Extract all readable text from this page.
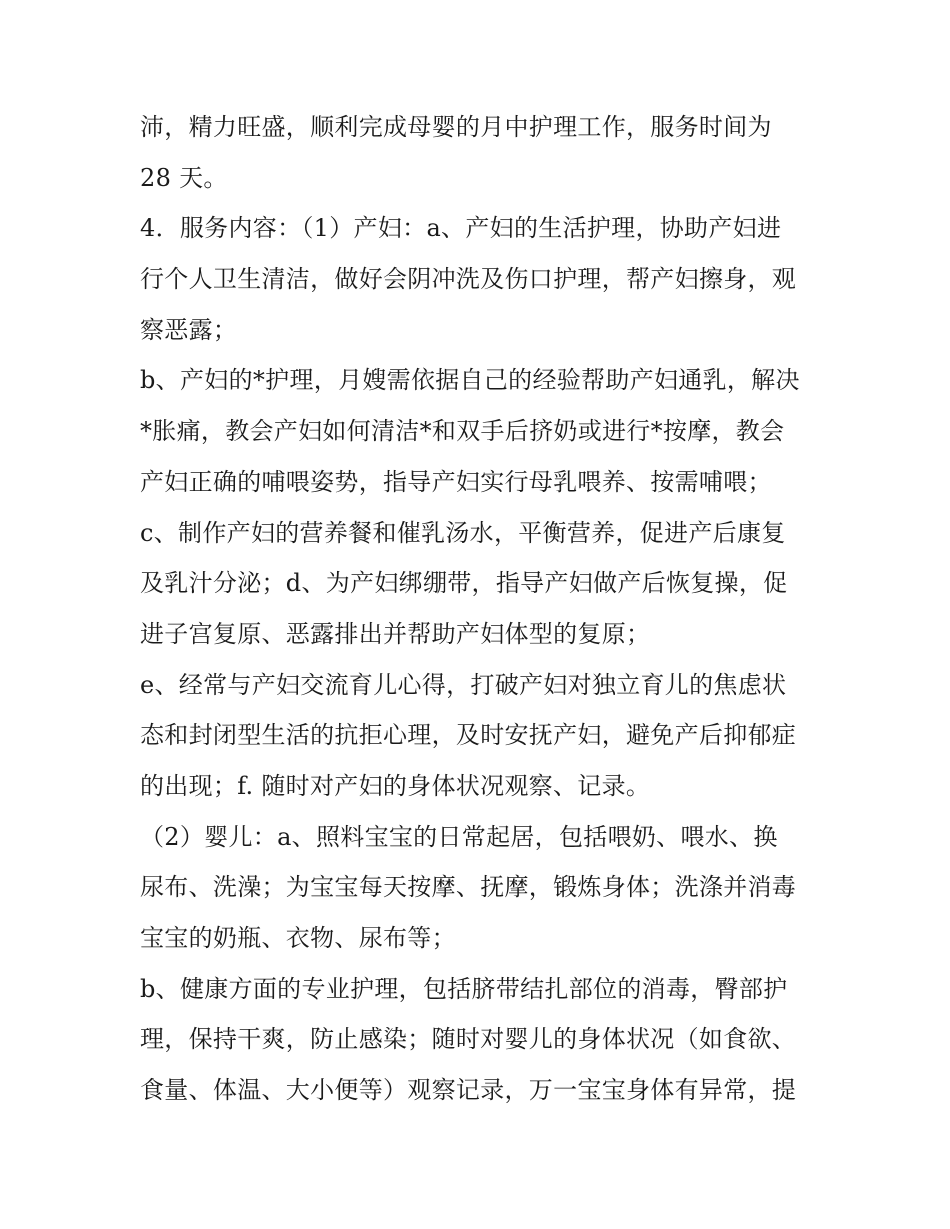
沛，精力旺盛，顺利完成母婴的月中护理工作，服务时间为
28 天。
4．服务内容：（1）产妇：a、产妇的生活护理，协助产妇进
行个人卫生清洁，做好会阴冲洗及伤口护理，帮产妇擦身，观
察恶露；
b、产妇的*护理，月嫂需依据自己的经验帮助产妇通乳，解决
*胀痛，教会产妇如何清洁*和双手后挤奶或进行*按摩，教会
产妇正确的哺喂姿势，指导产妇实行母乳喂养、按需哺喂；
c、制作产妇的营养餐和催乳汤水，平衡营养，促进产后康复
及乳汁分泌；d、为产妇绑绷带，指导产妇做产后恢复操，促
进子宫复原、恶露排出并帮助产妇体型的复原；
e、经常与产妇交流育儿心得，打破产妇对独立育儿的焦虑状
态和封闭型生活的抗拒心理，及时安抚产妇，避免产后抑郁症
的出现；f. 随时对产妇的身体状况观察、记录。
（2）婴儿：a、照料宝宝的日常起居，包括喂奶、喂水、换
尿布、洗澡；为宝宝每天按摩、抚摩，锻炼身体；洗涤并消毒
宝宝的奶瓶、衣物、尿布等；
b、健康方面的专业护理，包括脐带结扎部位的消毒，臀部护
理，保持干爽，防止感染；随时对婴儿的身体状况（如食欲、
食量、体温、大小便等）观察记录，万一宝宝身体有异常，提
